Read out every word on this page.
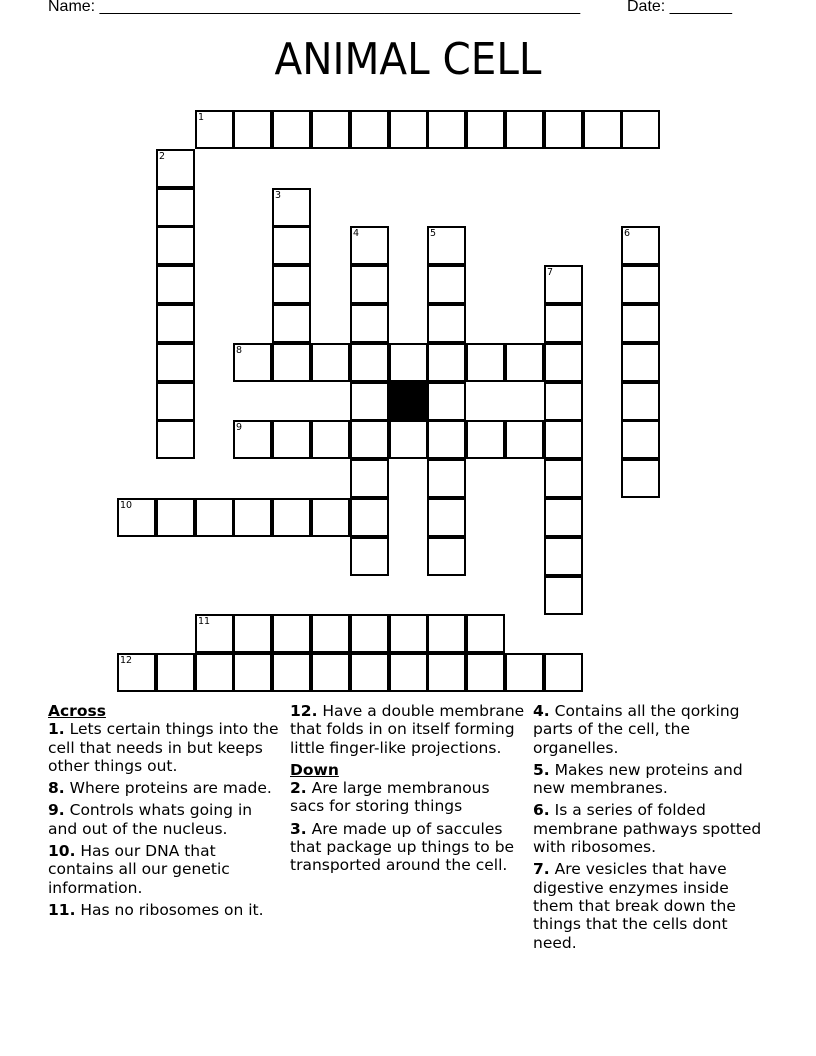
Name: ______________________________________________________	Date: _______
ANIMAL CELL
1
2
3
4	5	6
7
8
9
10
11
12
Across
1. Lets certain things into the cell that needs in but keeps other things out.
8. Where proteins are made.
9. Controls whats going in and out of the nucleus.
10. Has our DNA that contains all our genetic information.
11. Has no ribosomes on it.
12. Have a double membrane that folds in on itself forming little finger-like projections.
Down
2. Are large membranous sacs for storing things
3. Are made up of saccules that package up things to be transported around the cell.
4. Contains all the qorking parts of the cell, the organelles.
5. Makes new proteins and new membranes.
6. Is a series of folded membrane pathways spotted with ribosomes.
7. Are vesicles that have digestive enzymes inside them that break down the things that the cells dont need.
